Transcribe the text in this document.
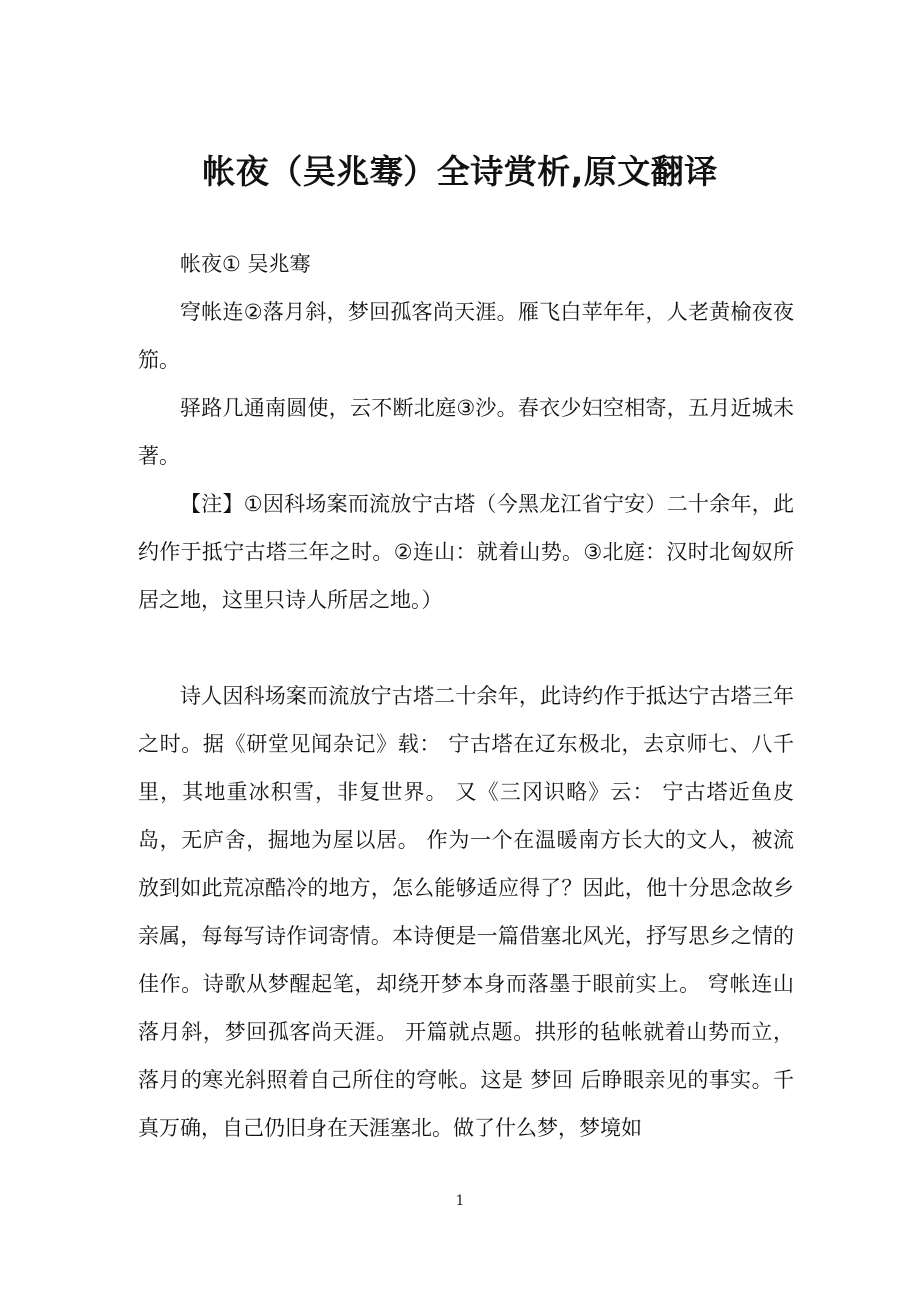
帐夜（吴兆骞）全诗赏析,原文翻译

帐夜① 吴兆骞

穹帐连②落月斜，梦回孤客尚天涯。雁飞白苹年年，人老黄榆夜夜笳。

驿路几通南圆使，云不断北庭③沙。春衣少妇空相寄，五月近城未著。

【注】①因科场案而流放宁古塔（今黑龙江省宁安）二十余年，此约作于抵宁古塔三年之时。②连山：就着山势。③北庭：汉时北匈奴所居之地，这里只诗人所居之地。）

诗人因科场案而流放宁古塔二十余年，此诗约作于抵达宁古塔三年之时。据《研堂见闻杂记》载： 宁古塔在辽东极北，去京师七、八千里，其地重冰积雪，非复世界。 又《三冈识略》云： 宁古塔近鱼皮岛，无庐舍，掘地为屋以居。 作为一个在温暖南方长大的文人，被流放到如此荒凉酷冷的地方，怎么能够适应得了？因此，他十分思念故乡亲属，每每写诗作词寄情。本诗便是一篇借塞北风光，抒写思乡之情的佳作。诗歌从梦醒起笔，却绕开梦本身而落墨于眼前实上。 穹帐连山落月斜，梦回孤客尚天涯。 开篇就点题。拱形的毡帐就着山势而立，落月的寒光斜照着自己所住的穹帐。这是 梦回 后睁眼亲见的事实。千真万确，自己仍旧身在天涯塞北。做了什么梦，梦境如

1
